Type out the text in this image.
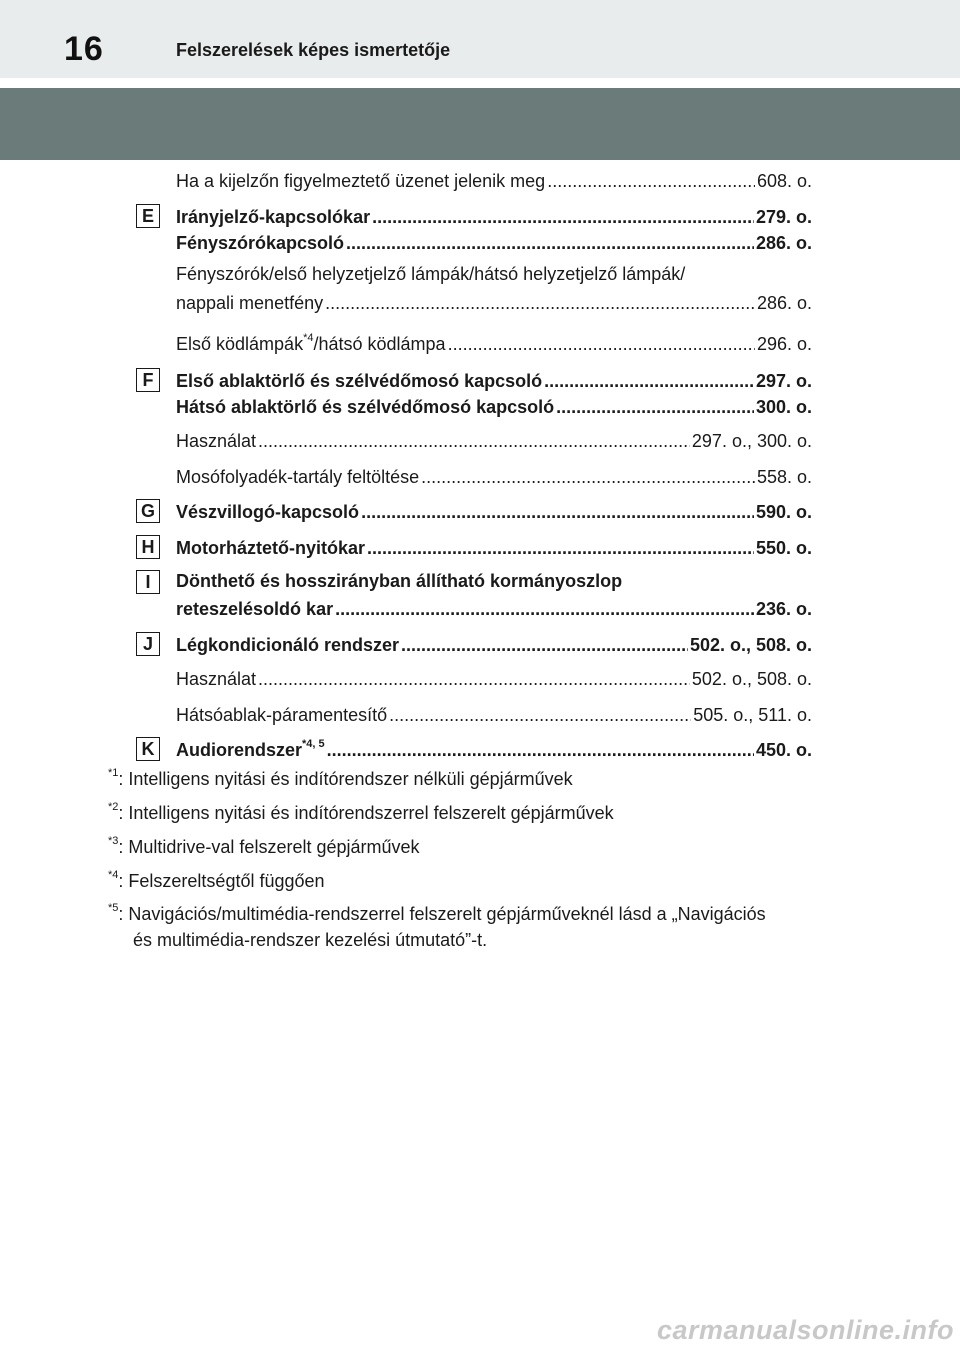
16	Felszerelések képes ismertetője
Ha a kijelzőn figyelmeztető üzenet jelenik meg .....	608. o.
E	Irányjelző-kapcsolókar .....	279. o.
Fényszórókapcsoló .....	286. o.
Fényszórók/első helyzetjelző lámpák/hátsó helyzetjelző lámpák/
nappali menetfény .....	286. o.
Első ködlámpák$^{*4}$/hátsó ködlámpa .....	296. o.
F	Első ablaktörlő és szélvédőmosó kapcsoló .....	297. o.
Hátsó ablaktörlő és szélvédőmosó kapcsoló .....	300. o.
Használat .....	297. o., 300. o.
Mosófolyadék-tartály feltöltése .....	558. o.
G Vészvillogó-kapcsoló .....	590. o.
H	Motorháztető-nyitókar .....	550. o.
I	Dönthető és hosszirányban állítható kormányoszlop
reteszelésoldó kar .....	236. o.
J	Légkondicionáló rendszer .....	502. o., 508. o.
Használat .....	502. o., 508. o.
Hátsóablak-páramentesítő .....	505. o., 511. o.
K	Audiorendszer$^{*4, 5}$ .....	450. o.
$^{*1}$: Intelligens nyitási és indítórendszer nélküli gépjárművek
$^{*2}$: Intelligens nyitási és indítórendszerrel felszerelt gépjárművek
$^{*3}$: Multidrive-val felszerelt gépjárművek
$^{*4}$: Felszereltségtől függően
$^{*5}$: Navigációs/multimédia-rendszerrel felszerelt gépjárműveknél lásd a „Navigációs
és multimédia-rendszer kezelési útmutató”-t.
carmanualsonline.info
